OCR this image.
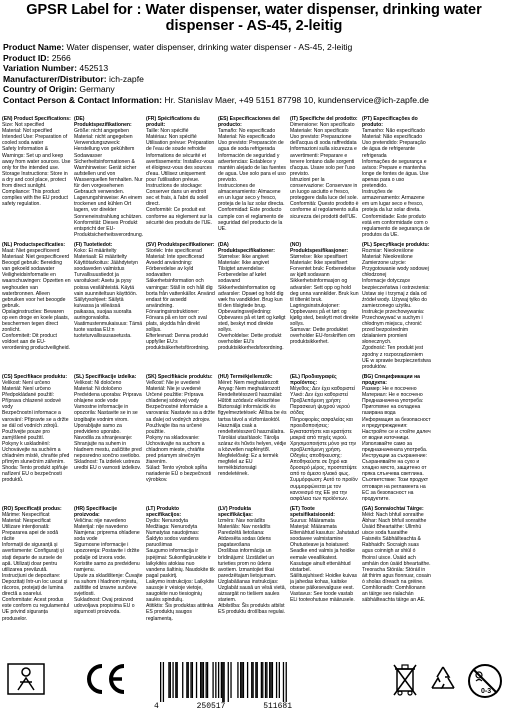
GPSR Label for : Water dispenser, water dispenser, drinking water dispenser - AS-45, 2-leitig
Product Name: Water dispenser, water dispenser, drinking water dispenser - AS-45, 2-leitig
Product ID: 2566
Variation Number: 452513
Manufacturer/Distributor: ich-zapfe
Country of Origin: Germany
Contact Person & Contact Information: Hr. Stanislav Maer, +49 5151 87798 10, kundenservice@ich-zapfe.de
(EN) Product Specifications:
Size: Not specified
Material: Not specified
Intended Use: Preparation of cooled soda water
Safety Information &
Warnings: Set up and keep away from water sources. Use only for the intended use.
Storage Instructions: Store in a dry and cool place, protect from direct sunlight.
Compliance: This product complies with the EU product safety regulation.
(DE) Produktspezifikationen:
Größe: nicht angegeben
Material: nicht angegeben
Verwendungszweck: Herstellung von gekühltem Sodawasser
Sicherheitsinformationen & Warnhinweise: Gerät sicher aufstellen und von Wasserquellen fernhalten. Nur für den vorgesehenen Gebrauch verwenden.
Lagerungshinweise: An einem trockenen und kühlen Ort lagern, vor direkter Sonneneinstrahlung schützen.
Konformität: Dieses Produkt entspricht der EU-Produktsicherheitsverordnung.
(FR) Spécifications du produit:
Taille: Non spécifié
Matériau: Non spécifié
Utilisation prévue: Préparation de l'eau de soude refroidie
Informations de sécurité et avertissements: Installez-vous et éloignez-vous des sources d'eau. Utilisez uniquement pour l'utilisation prévue.
Instructions de stockage: Conserver dans un endroit sec et frais, à l'abri du soleil direct.
Conformité: Ce produit est conforme au règlement sur la sécurité des produits de l'UE.
(ES) Especificaciones del producto:
Tamaño: No especificado
Material: No especificado
Uso previsto: Preparación de agua de soda refrigerada
Información de seguridad y advertencias: Establece y mantén alejado de las fuentes de agua. Use solo para el uso previsto.
Instrucciones de almacenamiento: Almacene en un lugar seco y fresco, proteja de la luz solar directa.
Conformidad: Este producto cumple con el reglamento de seguridad del producto de la UE.
(IT) Specifiche del prodotto:
Dimensione: Non specificato
Materiale: Non specificato
Uso previsto: Preparazione dell'acqua di soda raffreddata
Informazioni sulla sicurezza e avvertimenti: Preparare e tenere lontano dalle sorgenti d'acqua. Usare solo per l'uso previsto.
Istruzioni per la conservazione: Conservare in un luogo asciutto e fresco, proteggere dalla luce del sole.
Conformità: Questo prodotto è conforme al regolamento sulla sicurezza dei prodotti dell'UE.
(PT) Especificações do produto:
Tamanho: Não especificado
Material: Não especificado
Uso pretendido: Preparação de água de refrigerante refrigerada
Informações de segurança e avisos: Prepare e mantenha longe de fontes de água. Use apenas para o uso pretendido.
Instruções de armazenamento: Armazene em um lugar seco e fresco, proteja da luz solar direta.
Conformidade: Este produto está em conformidade com o regulamento de segurança de produtos da UE.
(NL) Productspecificaties:
Maat: Niet gespecificeerd
Materiaal: Niet gespecificeerd
Beoogd gebruik: Bereiding van gekoeld sodawater
Veiligheidsinformatie en waarschuwingen: Opzetten en weghouden van waterbronnen. Alleen gebruiken voor het beoogde gebruik.
Opslaginstructies: Bewaren op een droge en koele plaats, beschermen tegen direct zonlicht.
Conformiteit: Dit product voldoet aan de EU-verordening productveiligheid.
(FI) Tuotetiedot:
Koko: Ei määritelty
Materiaali: Ei määritelty
Käyttötarkoitus: Jäähdytetyn soodaveden valmistus
Turvallisuustiedot ja varoitukset: Asetu ja pysy poissa vesilähteistä. Käytä vain suunniteltuun käyttöön.
Säilytysohjeet: Säilytä kuivassa ja viileässä paikassa, suojaa suoralta auringonvalolta.
Vaatimustenmukaisuus: Tämä tuote vastaa EU:n tuoteturvallisuusasetusta.
(SV) Produktspecifikationer:
Storlek: Inte specificerad
Material: Inte specificerad
Avsedd användning: Förberedelse av kyld sodavatten
Säkerhetsinformation och varningar: Ställ in och håll dig borta från vattenkällor. Använd endast för avsedd användning.
Förvaringsinstruktioner: Förvara på en torr och sval plats, skydda från direkt solljus.
Efterlevnad: Denna produkt uppfyller EU:s produktsäkerhetsförordning.
(DA) Produktspecifikationer:
Størrelse: Ikke angivet
Materiale: Ikke angivet
Tilsigtet anvendelse: Forberedelse af kølet sodavand
Sikkerhedsinformation og advarsler: Opsæt og hold dig væk fra vandkilder. Brug kun til den tilsigtede brug.
Opbevaringsvejledning: Opbevares på et tørt og køligt sted, beskyt mod direkte sollys.
Overholdelse: Dette produkt overholder EU's produktsikkerhedsforordning.
(NO) Produktspesifikasjoner:
Størrelse: Ikke spesifisert
Materiale: Ikke spesifisert
Forventet bruk: Forberedelse av kjølt sodavann
Sikkerhetsinformasjon og advarsler: Sett opp og hold deg unna vannkilder. Bruk kun til tiltenkt bruk.
Lagringsinstruksjoner: Oppbevares på et tørt og kjølig sted, beskytt mot direkte sollys.
Samsvar: Dette produktet overholder EU-forskriften om produktsikkerhet.
(PL) Specyfikacje produktu:
Rozmiar: Nieokreślone
Materiał: Nieokreślone
Zamierzone użycie: Przygotowanie wody sodowej chłodzonej
Informacje dotyczące bezpieczeństwa i ostrzeżenia: Ustaw się i trzymaj z dala od źródeł wody. Używaj tylko do zamierzonego użytku.
Instrukcje przechowywania: Przechowywać w suchym i chłodnym miejscu, chronić przed bezpośrednim działaniem promieni słonecznych.
Zgodność: Ten produkt jest zgodny z rozporządzeniem UE w sprawie bezpieczeństwa produktów.
(CS) Specifikace produktu:
Velikost: Není určeno
Materiál: Není určeno
Předpokládané použití: Příprava chlazené sodové vody
Bezpečnostní informace a varování: Připravte se a držte se dál od vodních zdrojů. Používejte pouze pro zamýšlené použití.
Pokyny k uskladnění: Uchovávejte na suchém a chladném místě, chraňte před přímým slunečním zářením.
Shoda: Tento produkt splňuje nařízení EU o bezpečnosti produktů.
(SL) Specifikacije izdelka:
Velikost: Ni določeno
Material: Ni določeno
Predvidena uporaba: Priprava ohlajene sode vode
Varnostne informacije in opozorila: Nastavite se in se izogibajte vodnim virom. Uporabljajte samo za predvideno uporabo.
Navodila za shranjevanje: Shranjujte na suhem in hladnem mestu, zaščitite pred neposredno sončno svetlobo.
Skladnost: Ta izdelek ustreza uredbi EU o varnosti izdelkov.
(SK) Špecifikácie produktu:
Veľkosť: Nie je uvedené
Materiál: Nie je uvedené
Určené použitie: Príprava chladenej sódovej vody
Bezpečnostné informácie a varovania: Nastavte sa a držte sa ďalej od vodných zdrojov. Používajte iba na určené použitie.
Pokyny na skladovanie: Uchovávajte na suchom a chladnom mieste, chráňte pred priamym slnečným žiarením.
Súlad: Tento výrobok spĺňa nariadenie EÚ o bezpečnosti výrobkov.
(HU) Termékjellemzők:
Méret: Nem meghatározott
Anyag: Nem meghatározott
Rendeltetésszerű használat: Hűtött szódavíz elkészítése
Biztonsági információk és figyelmeztetések: Állítsa be és tartsa távol a vízforrásoktól. Használja csak a rendeltetésszerű használatra.
Tárolási utasítások: Tárolja száraz és hűvös helyen, védje a közvetlen napfénytől.
Megfelelőség: Ez a termék megfelel az EU termékbiztonsági rendeletének.
(EL) Προδιαγραφές προϊόντος:
Μέγεθος: Δεν έχει καθοριστεί
Υλικό: Δεν έχει καθοριστεί
Προβλεπόμενη χρήση: Παρασκευή ψυχρού νερού σόδας
Πληροφορίες ασφαλείας και προειδοποιήσεις: Εγκαταστήστε και κρατήστε μακριά από πηγές νερού. Χρησιμοποιήστε μόνο για την προβλεπόμενη χρήση.
Οδηγίες αποθήκευσης: Αποθηκεύστε σε ξηρό και δροσερό μέρος, προστατέψτε από το άμεσο ηλιακό φως.
Συμμόρφωση: Αυτό το προϊόν συμμορφώνεται με τον κανονισμό της ΕΕ για την ασφάλεια των προϊόντων.
(BG) Спецификации на продукта:
Размер: Не е посочено
Материал: Не е посочено
Предназначена употреба: Приготвяне на охладена газирана вода
Информация за безопасност и предупреждения: Настройте се и стойте далеч от водни източници. Използвайте само за предназначената употреба.
Инструкции за съхранение: Съхранявайте на сухо и хладно място, защитено от пряка слънчева светлина.
Съответствие: Този продукт отговаря на регламента на ЕС за безопасност на продуктите.
(RO) Specificații produs:
Mărime: Nespecificat
Material: Nespecificat
Utilizare intenționată: Prepararea apei de sodă răcite
Informații de siguranță și avertismente: Configurați și stați departe de sursele de apă. Utilizați doar pentru utilizarea prevăzută.
Instrucțiuni de depozitare: Depozitați într-un loc uscat și răcoros, protejați de lumina directă a soarelui.
Conformitate: Acest produs este conform cu regulamentul UE privind siguranța produselor.
(HR) Specifikacije proizvoda:
Veličina: nije navedeno
Materijal: nije navedeno
Namjena: priprema ohlađene soda vode
Sigurnosne informacije i upozorenja: Postavite i držite podalje od izvora vode. Koristite samo za predviđenu namjenu.
Upute za skladištenje: Čuvajte na suhom i hladnom mjestu, zaštitite od izravne sunčeve svjetlosti.
Sukladnost: Ovaj proizvod udovoljava propisima EU o sigurnosti proizvoda.
(LT) Produkto specifikacijos:
Dydis: Nenurodyta
Medžiaga: Nenurodyta
Numatytas naudojimas: Šaldyto sodos vandens paruošimas
Saugumo informacija ir įspėjimai: Sukonfigūruokite ir laikykitės atokiau nuo vandens šaltinių. Naudokite tik pagal paskirtį.
Laikymo instrukcijos: Laikykite sausoje ir vėsioje vietoje, saugokite nuo tiesioginių saulės spindulių.
Atitiktis: Šis produktas atitinka ES produktų saugos reglamentą.
(LV) Produkta specifikācijas:
Izmērs: Nav norādīts
Materiāls: Nav norādīts
Paredzētā lietošana: Atdzesēta sodas ūdens pagatavošana
Drošības informācija un brīdinājumi: Uzstādiet un turieties prom no ūdens avotiem. Izmantojiet tikai paredzētajam lietojumam.
Uzglabāšanas instrukcijas: Uzglabāt sausā un vēsā vietā, aizsargāt no tiešiem saules stariem.
Atbilstība: Šis produkts atbilst ES produktu drošības regulai.
(ET) Toote spetsifikatsioonid:
Suurus: Määramata
Materjal: Määramata
Ettenähtud kasutus: Jahutatud soodavee valmistamine
Ohutusteave ja hoiatused: Seadke end valmis ja hoidke eemale veeallikatest. Kasutage ainult ettenähtud otstarbel.
Säilitusjuhised: Hoidke kuivas ja jahedas kohas, kaitske otsese päikesevalguse eest.
Vastavus: See toode vastab ELi tooteohutuse määrusele.
(GA) Sonraíochtaí Táirge:
Méid: Nach bhfuil sonraithe
Ábhar: Nach bhfuil sonraithe
Úsáid Bheartaithe: Ullmhú uisce soda fuaraithe
Faisnéis Sábháilteachta & Rabhaidh: Socraigh suas agus coinnigh ar shiúl ó fhoinsí uisce. Úsáid ach amháin don úsáid bheartaithe.
Treoracha Stórála: Stóráil in áit thirim agus fionnuar, cosain ó sholas díreach na gréine.
Comhlíonadh: Comhlíonann an táirge seo rialachán sábháilteachta táirge an AE.
0-3
4	250517	511681
